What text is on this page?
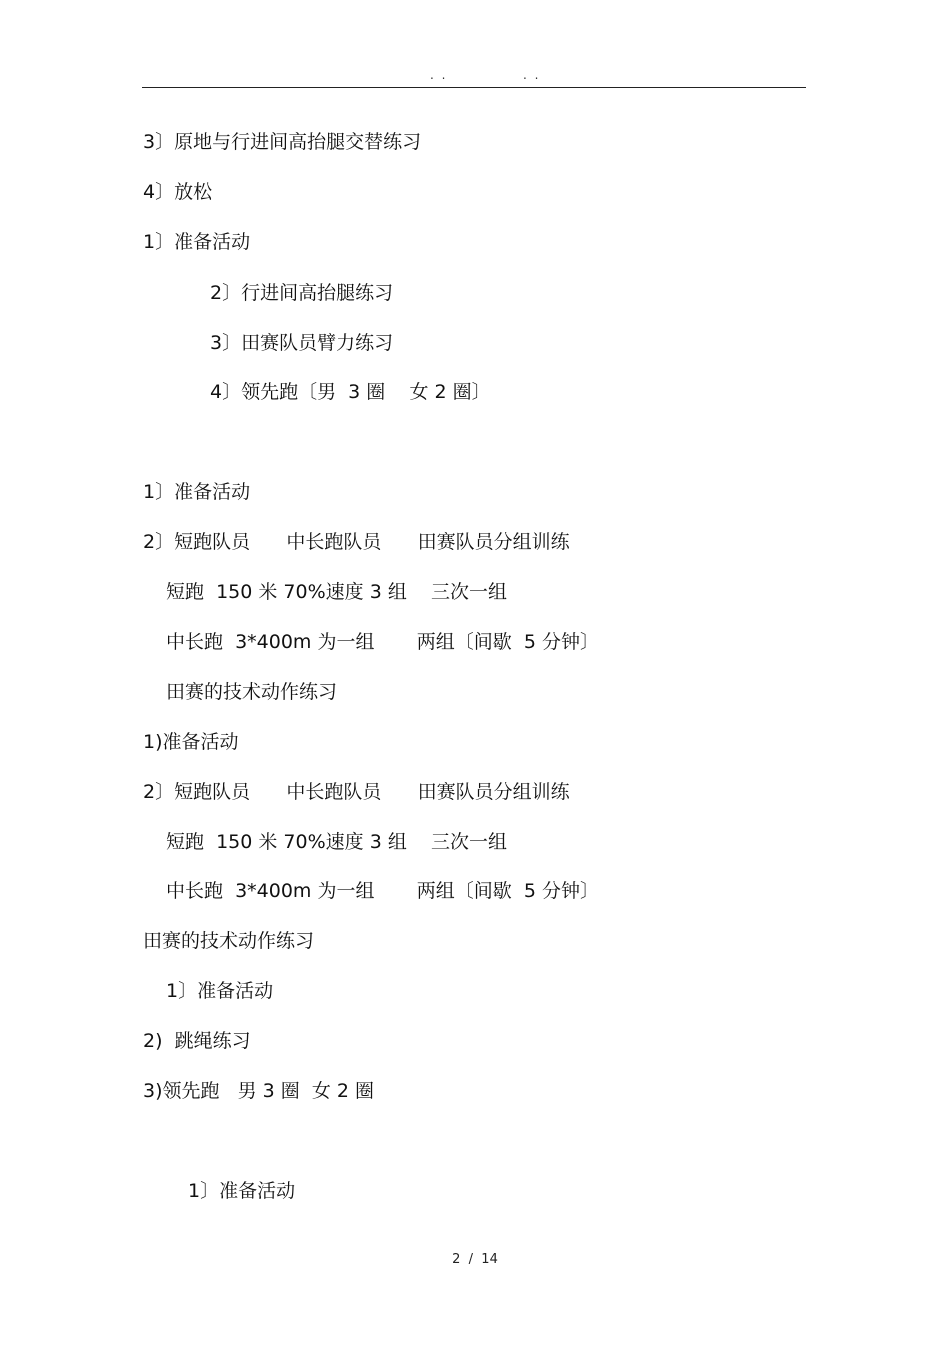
. .             . .
3〕原地与行进间高抬腿交替练习
4〕放松
1〕准备活动
2〕行进间高抬腿练习
3〕田赛队员臂力练习
4〕领先跑〔男  3 圈    女 2 圈〕
1〕准备活动
2〕短跑队员      中长跑队员      田赛队员分组训练
短跑  150 米 70%速度 3 组    三次一组
中长跑  3*400m 为一组       两组〔间歇  5 分钟〕
田赛的技术动作练习
1)准备活动
2〕短跑队员      中长跑队员      田赛队员分组训练
短跑  150 米 70%速度 3 组    三次一组
中长跑  3*400m 为一组       两组〔间歇  5 分钟〕
田赛的技术动作练习
1〕准备活动
2)  跳绳练习
3)领先跑   男 3 圈  女 2 圈
1〕准备活动
2  /  14
